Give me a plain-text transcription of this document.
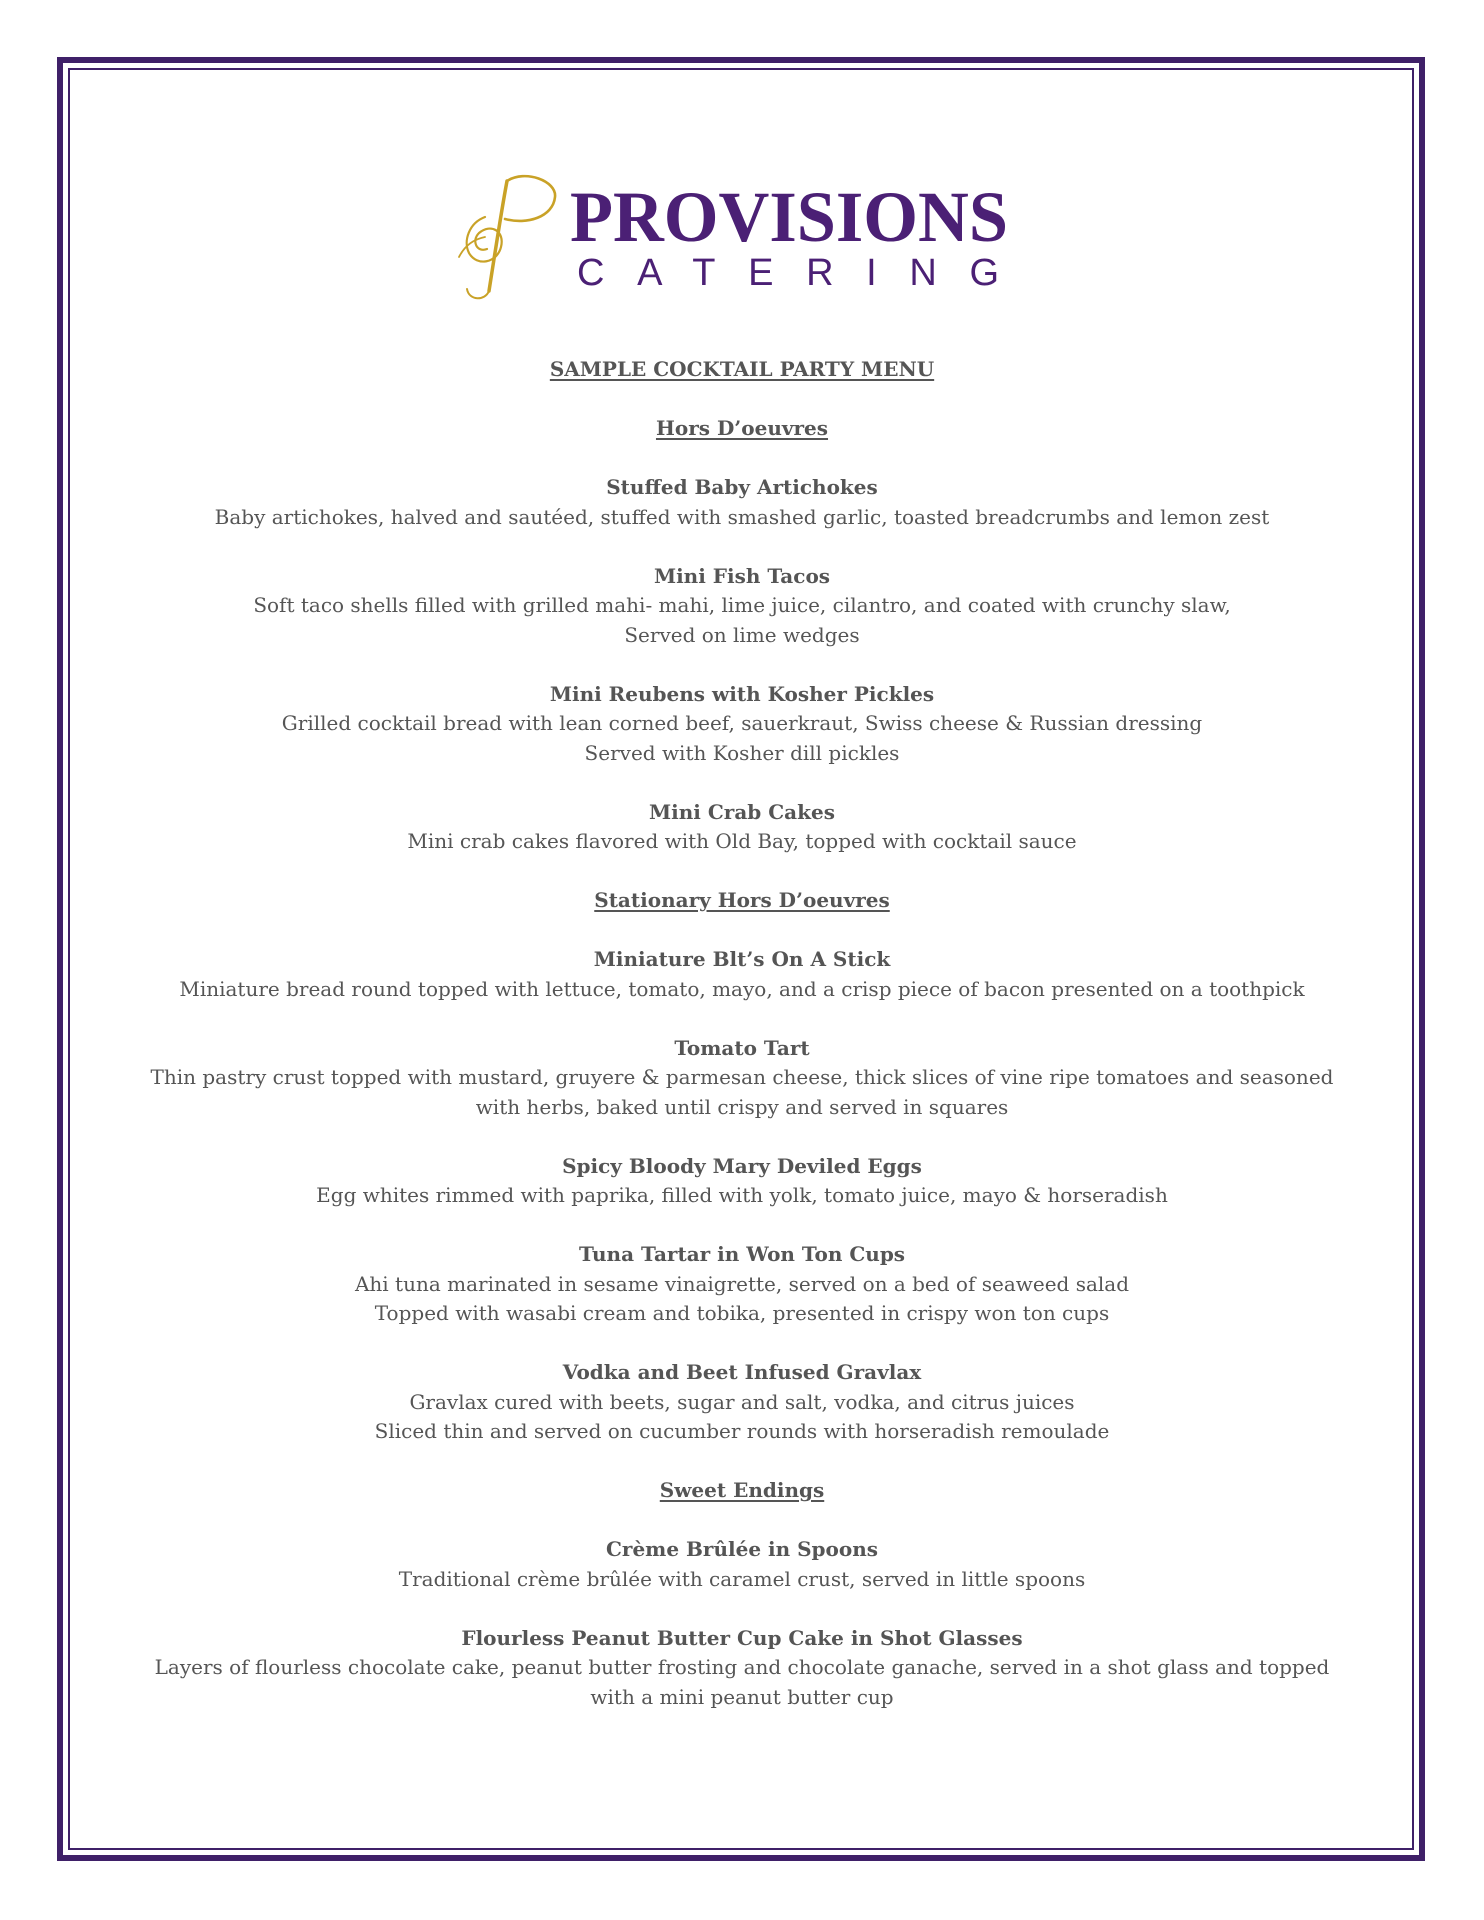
PROVISIONS
CATERING

SAMPLE COCKTAIL PARTY MENU

Hors D’oeuvres

Stuffed Baby Artichokes

Baby artichokes, halved and sautéed, stuffed with smashed garlic, toasted breadcrumbs and lemon zest

Mini Fish Tacos

Soft taco shells filled with grilled mahi- mahi, lime juice, cilantro, and coated with crunchy slaw,
Served on lime wedges

Mini Reubens with Kosher Pickles

Grilled cocktail bread with lean corned beef, sauerkraut, Swiss cheese & Russian dressing
Served with Kosher dill pickles

Mini Crab Cakes

Mini crab cakes flavored with Old Bay, topped with cocktail sauce

Stationary Hors D’oeuvres

Miniature Blt’s On A Stick

Miniature bread round topped with lettuce, tomato, mayo, and a crisp piece of bacon presented on a toothpick

Tomato Tart

Thin pastry crust topped with mustard, gruyere & parmesan cheese, thick slices of vine ripe tomatoes and seasoned
with herbs, baked until crispy and served in squares

Spicy Bloody Mary Deviled Eggs

Egg whites rimmed with paprika, filled with yolk, tomato juice, mayo & horseradish

Tuna Tartar in Won Ton Cups

Ahi tuna marinated in sesame vinaigrette, served on a bed of seaweed salad
Topped with wasabi cream and tobika, presented in crispy won ton cups

Vodka and Beet Infused Gravlax

Gravlax cured with beets, sugar and salt, vodka, and citrus juices
Sliced thin and served on cucumber rounds with horseradish remoulade

Sweet Endings

Crème Brûlée in Spoons

Traditional crème brûlée with caramel crust, served in little spoons

Flourless Peanut Butter Cup Cake in Shot Glasses

Layers of flourless chocolate cake, peanut butter frosting and chocolate ganache, served in a shot glass and topped
with a mini peanut butter cup
